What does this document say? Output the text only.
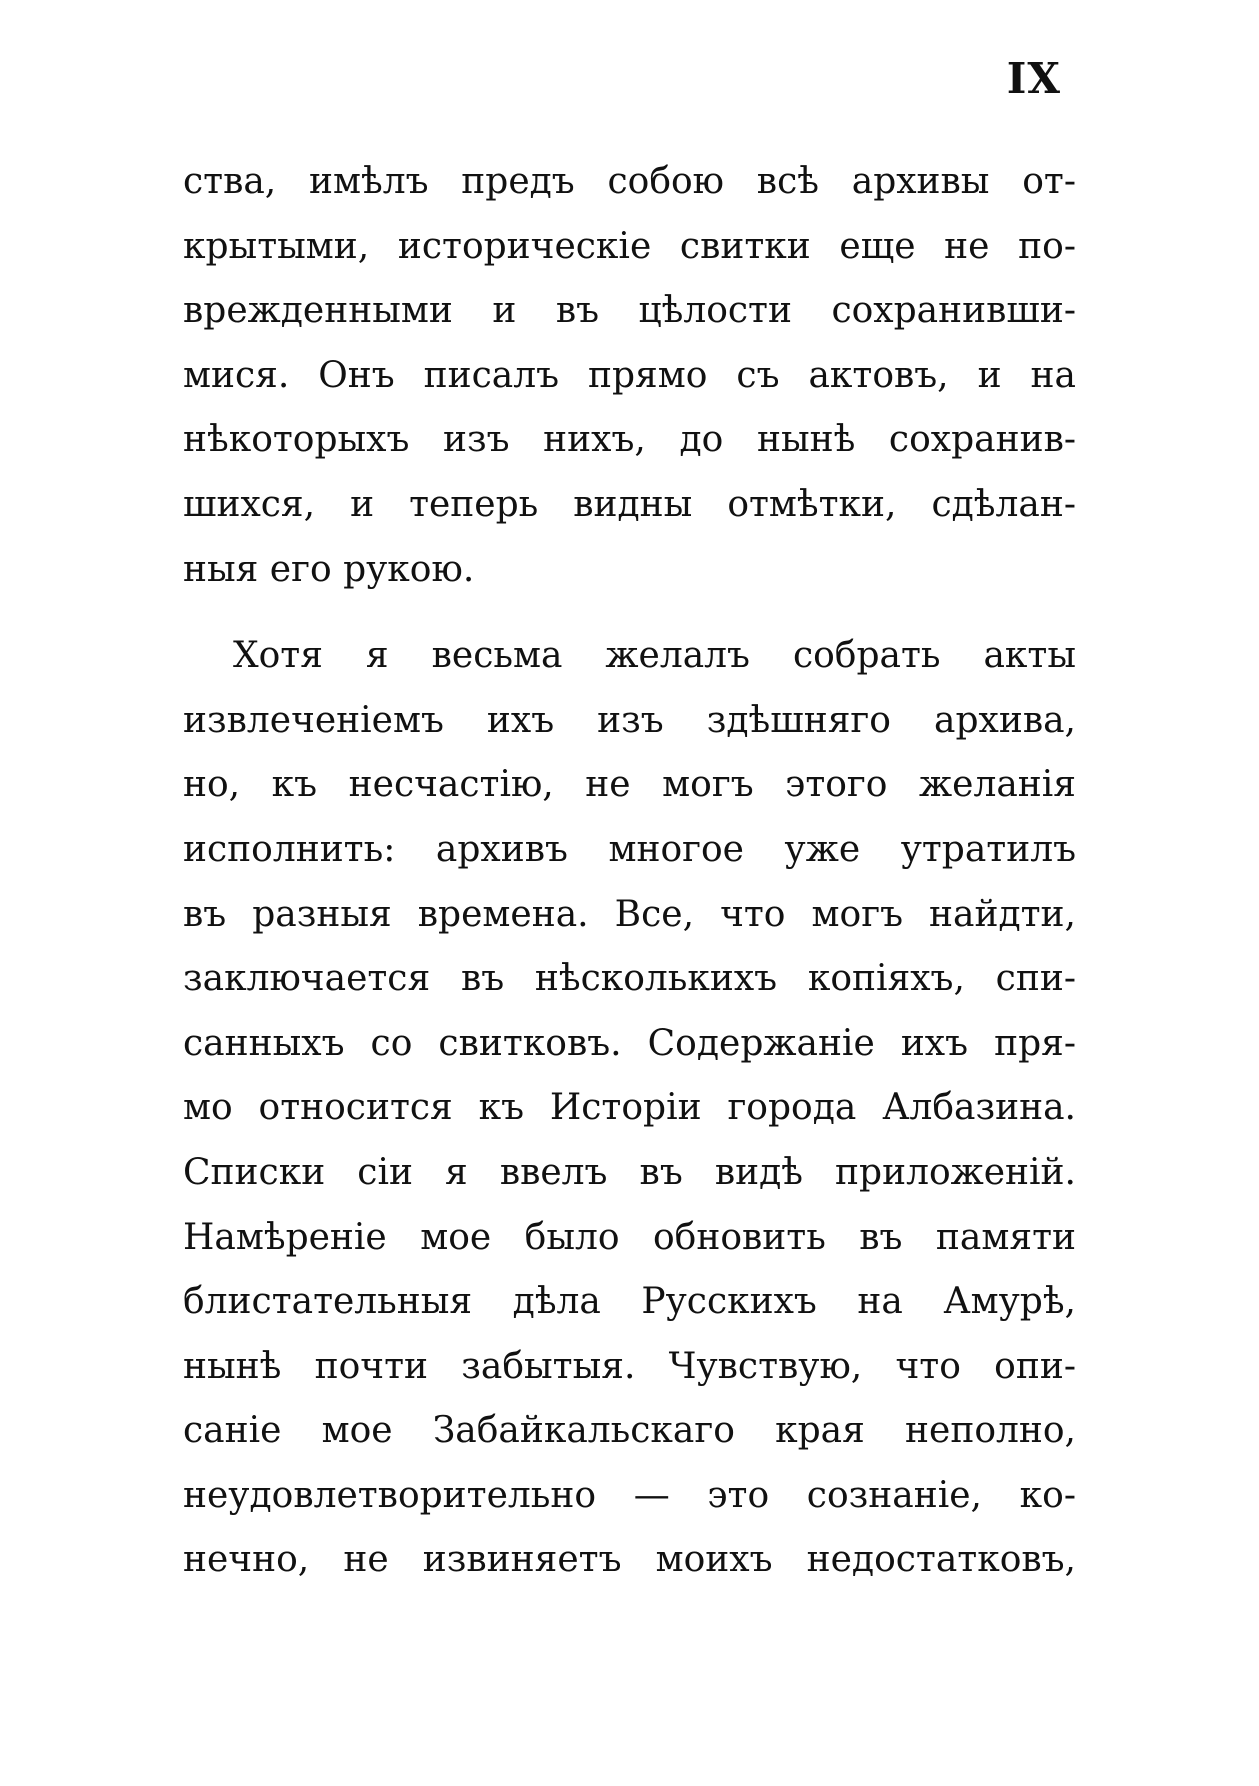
IX
ства, имѣлъ предъ собою всѣ архивы от-
крытыми, историческіе свитки еще не по-
врежденными и въ цѣлости сохранивши-
мися. Онъ писалъ прямо съ актовъ, и на
нѣкоторыхъ изъ нихъ, до нынѣ сохранив-
шихся, и теперь видны отмѣтки, сдѣлан-
ныя его рукою.
Хотя я весьма желалъ собрать акты
извлеченіемъ ихъ изъ здѣшняго архива,
но, къ несчастію, не могъ этого желанія
исполнить: архивъ многое уже утратилъ
въ разныя времена. Все, что могъ найдти,
заключается въ нѣсколькихъ копіяхъ, спи-
санныхъ со свитковъ. Содержаніе ихъ пря-
мо относится къ Исторіи города Албазина.
Списки сіи я ввелъ въ видѣ приложеній.
Намѣреніе мое было обновить въ памяти
блистательныя дѣла Русскихъ на Амурѣ,
нынѣ почти забытыя. Чувствую, что опи-
саніе мое Забайкальскаго края неполно,
неудовлетворительно — это сознаніе, ко-
нечно, не извиняетъ моихъ недостатковъ,
